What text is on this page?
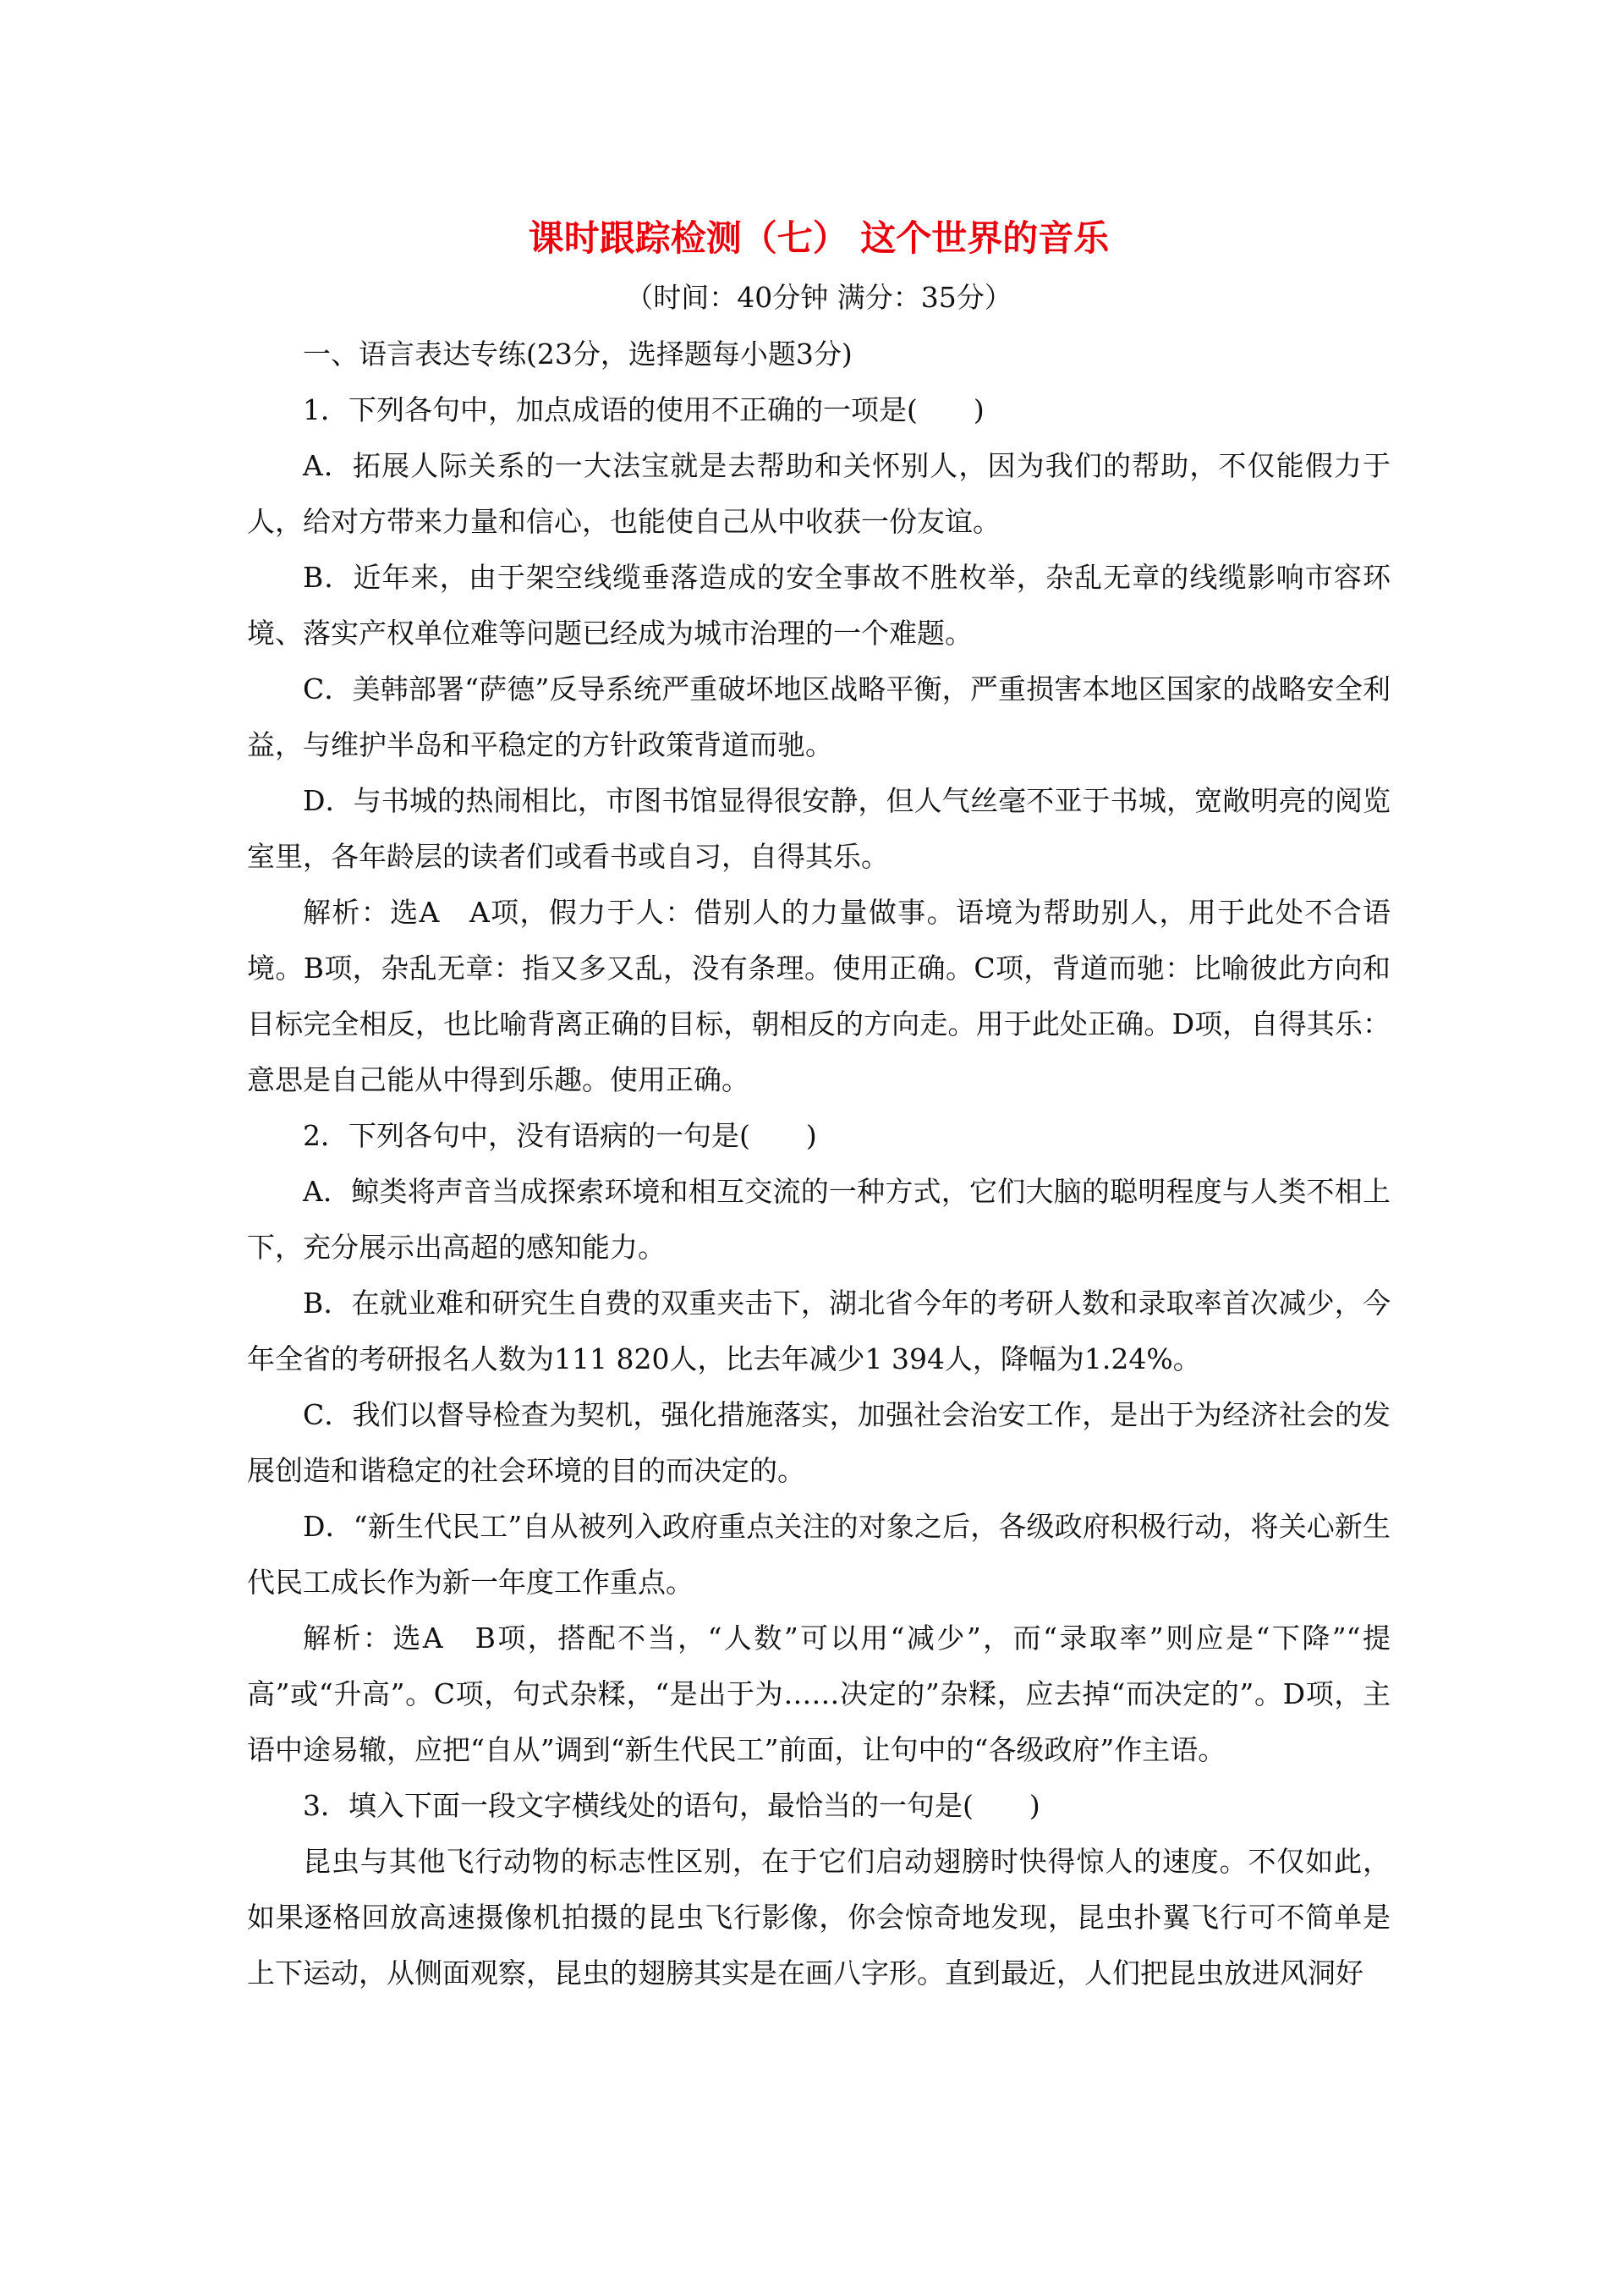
课时跟踪检测（七） 这个世界的音乐
（时间：40分钟 满分：35分）
一、语言表达专练(23分，选择题每小题3分)

1．下列各句中，加点成语的使用不正确的一项是(　　)

A．拓展人际关系的一大法宝就是去帮助和关怀别人，因为我们的帮助，不仅能假力于人，给对方带来力量和信心，也能使自己从中收获一份友谊。

B．近年来，由于架空线缆垂落造成的安全事故不胜枚举，杂乱无章的线缆影响市容环境、落实产权单位难等问题已经成为城市治理的一个难题。

C．美韩部署“萨德”反导系统严重破坏地区战略平衡，严重损害本地区国家的战略安全利益，与维护半岛和平稳定的方针政策背道而驰。

D．与书城的热闹相比，市图书馆显得很安静，但人气丝毫不亚于书城，宽敞明亮的阅览室里，各年龄层的读者们或看书或自习，自得其乐。

解析：选A　A项，假力于人：借别人的力量做事。语境为帮助别人，用于此处不合语境。B项，杂乱无章：指又多又乱，没有条理。使用正确。C项，背道而驰：比喻彼此方向和目标完全相反，也比喻背离正确的目标，朝相反的方向走。用于此处正确。D项，自得其乐：意思是自己能从中得到乐趣。使用正确。

2．下列各句中，没有语病的一句是(　　)

A．鲸类将声音当成探索环境和相互交流的一种方式，它们大脑的聪明程度与人类不相上下，充分展示出高超的感知能力。

B．在就业难和研究生自费的双重夹击下，湖北省今年的考研人数和录取率首次减少，今年全省的考研报名人数为111 820人，比去年减少1 394人，降幅为1.24%。

C．我们以督导检查为契机，强化措施落实，加强社会治安工作，是出于为经济社会的发展创造和谐稳定的社会环境的目的而决定的。

D．“新生代民工”自从被列入政府重点关注的对象之后，各级政府积极行动，将关心新生代民工成长作为新一年度工作重点。

解析：选A　B项，搭配不当，“人数”可以用“减少”，而“录取率”则应是“下降”“提高”或“升高”。C项，句式杂糅，“是出于为……决定的”杂糅，应去掉“而决定的”。D项，主语中途易辙，应把“自从”调到“新生代民工”前面，让句中的“各级政府”作主语。

3．填入下面一段文字横线处的语句，最恰当的一句是(　　)

昆虫与其他飞行动物的标志性区别，在于它们启动翅膀时快得惊人的速度。不仅如此，如果逐格回放高速摄像机拍摄的昆虫飞行影像，你会惊奇地发现，昆虫扑翼飞行可不简单是上下运动，从侧面观察，昆虫的翅膀其实是在画八字形。直到最近，人们把昆虫放进风洞好
